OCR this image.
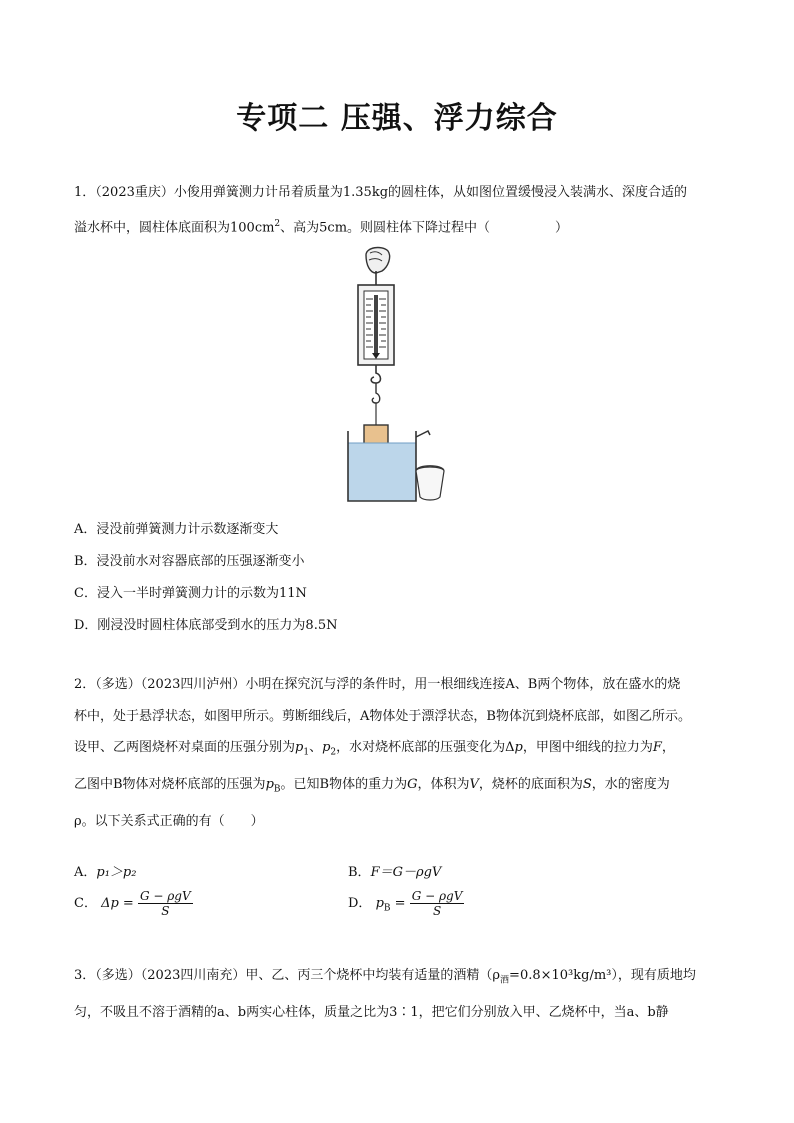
专项二 压强、浮力综合
1．（2023重庆）小俊用弹簧测力计吊着质量为1.35kg的圆柱体，从如图位置缓慢浸入装满水、深度合适的
溢水杯中，圆柱体底面积为$100cm^2$、高为5cm。则圆柱体下降过程中（　　　　　）
A．浸没前弹簧测力计示数逐渐变大
B．浸没前水对容器底部的压强逐渐变小
C．浸入一半时弹簧测力计的示数为11N
D．刚浸没时圆柱体底部受到水的压力为8.5N
2．（多选）（2023四川泸州）小明在探究沉与浮的条件时，用一根细线连接A、B两个物体，放在盛水的烧
杯中，处于悬浮状态，如图甲所示。剪断细线后，A物体处于漂浮状态，B物体沉到烧杯底部，如图乙所示。
设甲、乙两图烧杯对桌面的压强分别为$p_1$、$p_2$，水对烧杯底部的压强变化为Δp，甲图中细线的拉力为F，
乙图中B物体对烧杯底部的压强为$p_B$。已知B物体的重力为G，体积为V，烧杯的底面积为S，水的密度为
ρ。以下关系式正确的有（　　）
A．p₁＞p₂	B．F＝G－ρgV
C． $\Delta p = \frac{\text{G − ρgV}}{S}$	D． $p_B = \frac{\text{G − ρgV}}{S}$
3．（多选）（2023四川南充）甲、乙、丙三个烧杯中均装有适量的酒精$(\rho_酒=0.8\times 10^3kg/m^3)$，现有质地均
匀，不吸且不溶于酒精的a、b两实心柱体，质量之比为3∶1，把它们分别放入甲、乙烧杯中，当a、b静
